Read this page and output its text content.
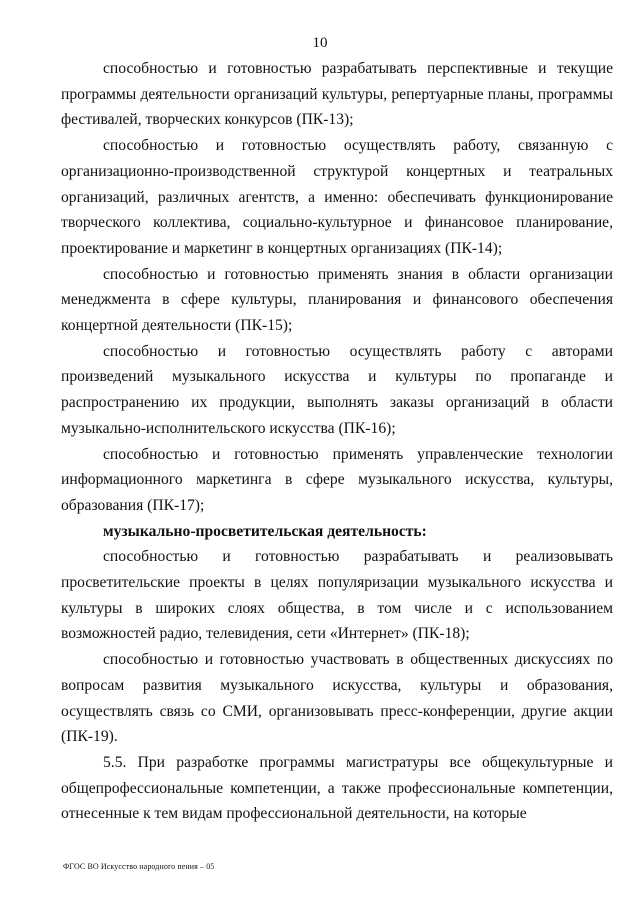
10

способностью и готовностью разрабатывать перспективные и текущие программы деятельности организаций культуры, репертуарные планы, программы фестивалей, творческих конкурсов (ПК-13);

способностью и готовностью осуществлять работу, связанную с организационно-производственной структурой концертных и театральных организаций, различных агентств, а именно: обеспечивать функционирование творческого коллектива, социально-культурное и финансовое планирование, проектирование и маркетинг в концертных организациях (ПК-14);

способностью и готовностью применять знания в области организации менеджмента в сфере культуры, планирования и финансового обеспечения концертной деятельности (ПК-15);

способностью и готовностью осуществлять работу с авторами произведений музыкального искусства и культуры по пропаганде и распространению их продукции, выполнять заказы организаций в области музыкально-исполнительского искусства (ПК-16);

способностью и готовностью применять управленческие технологии информационного маркетинга в сфере музыкального искусства, культуры, образования (ПК-17);

музыкально-просветительская деятельность:

способностью и готовностью разрабатывать и реализовывать просветительские проекты в целях популяризации музыкального искусства и культуры в широких слоях общества, в том числе и с использованием возможностей радио, телевидения, сети «Интернет» (ПК-18);

способностью и готовностью участвовать в общественных дискуссиях по вопросам развития музыкального искусства, культуры и образования, осуществлять связь со СМИ, организовывать пресс-конференции, другие акции (ПК-19).

5.5. При разработке программы магистратуры все общекультурные и общепрофессиональные компетенции, а также профессиональные компетенции, отнесенные к тем видам профессиональной деятельности, на которые

ФГОС ВО Искусство народного пения – 05
